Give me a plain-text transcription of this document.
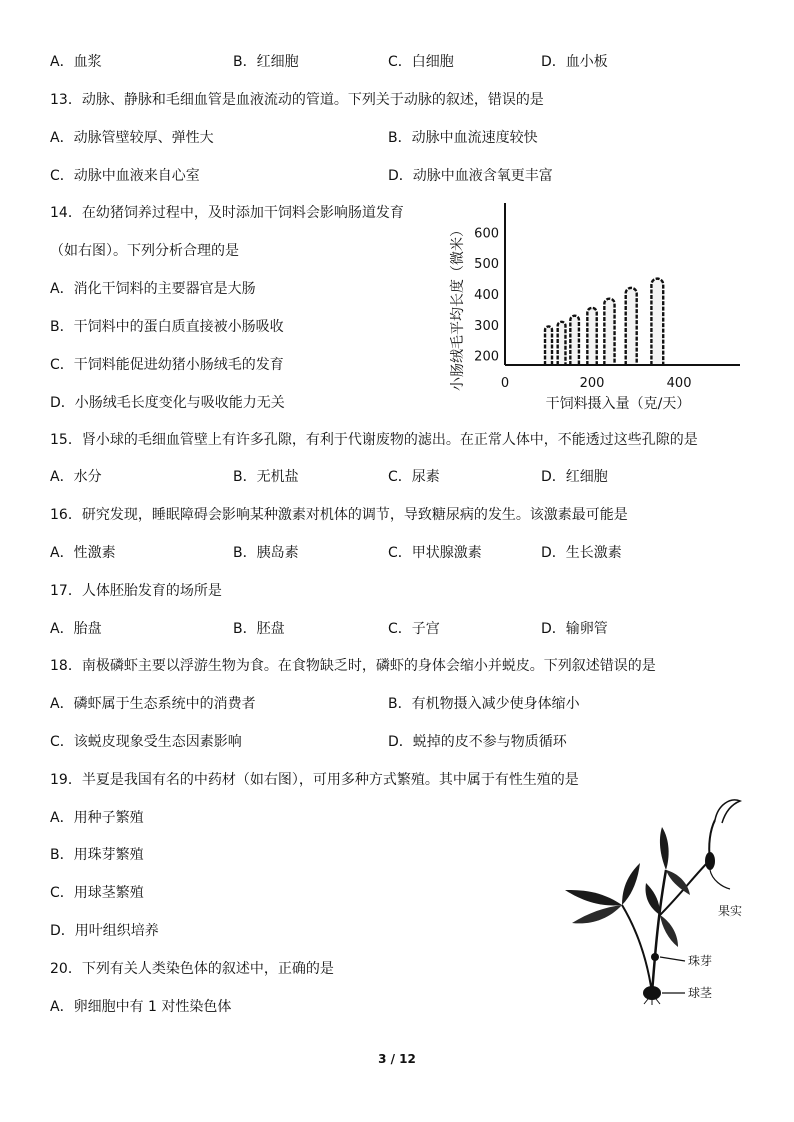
A．血浆	B．红细胞	C．白细胞	D．血小板
13．动脉、静脉和毛细血管是血液流动的管道。下列关于动脉的叙述，错误的是
A．动脉管壁较厚、弹性大	B．动脉中血流速度较快
C．动脉中血液来自心室	D．动脉中血液含氧更丰富
14．在幼猪饲养过程中，及时添加干饲料会影响肠道发育
（如右图）。下列分析合理的是
A．消化干饲料的主要器官是大肠
B．干饲料中的蛋白质直接被小肠吸收
C．干饲料能促进幼猪小肠绒毛的发育
D．小肠绒毛长度变化与吸收能力无关
200
300
400
500
600
0	200	400
小肠绒毛平均长度（微米）
干饲料摄入量（克/天）
15．肾小球的毛细血管壁上有许多孔隙，有利于代谢废物的滤出。在正常人体中，不能透过这些孔隙的是
A．水分	B．无机盐	C．尿素	D．红细胞
16．研究发现，睡眠障碍会影响某种激素对机体的调节，导致糖尿病的发生。该激素最可能是
A．性激素	B．胰岛素	C．甲状腺激素	D．生长激素
17．人体胚胎发育的场所是
A．胎盘	B．胚盘	C．子宫	D．输卵管
18．南极磷虾主要以浮游生物为食。在食物缺乏时，磷虾的身体会缩小并蜕皮。下列叙述错误的是
A．磷虾属于生态系统中的消费者	B．有机物摄入减少使身体缩小
C．该蜕皮现象受生态因素影响	D．蜕掉的皮不参与物质循环
19．半夏是我国有名的中药材（如右图），可用多种方式繁殖。其中属于有性生殖的是
A．用种子繁殖
B．用珠芽繁殖
C．用球茎繁殖
D．用叶组织培养
果实
珠芽
球茎
20．下列有关人类染色体的叙述中，正确的是
A．卵细胞中有 1 对性染色体
3 / 12
